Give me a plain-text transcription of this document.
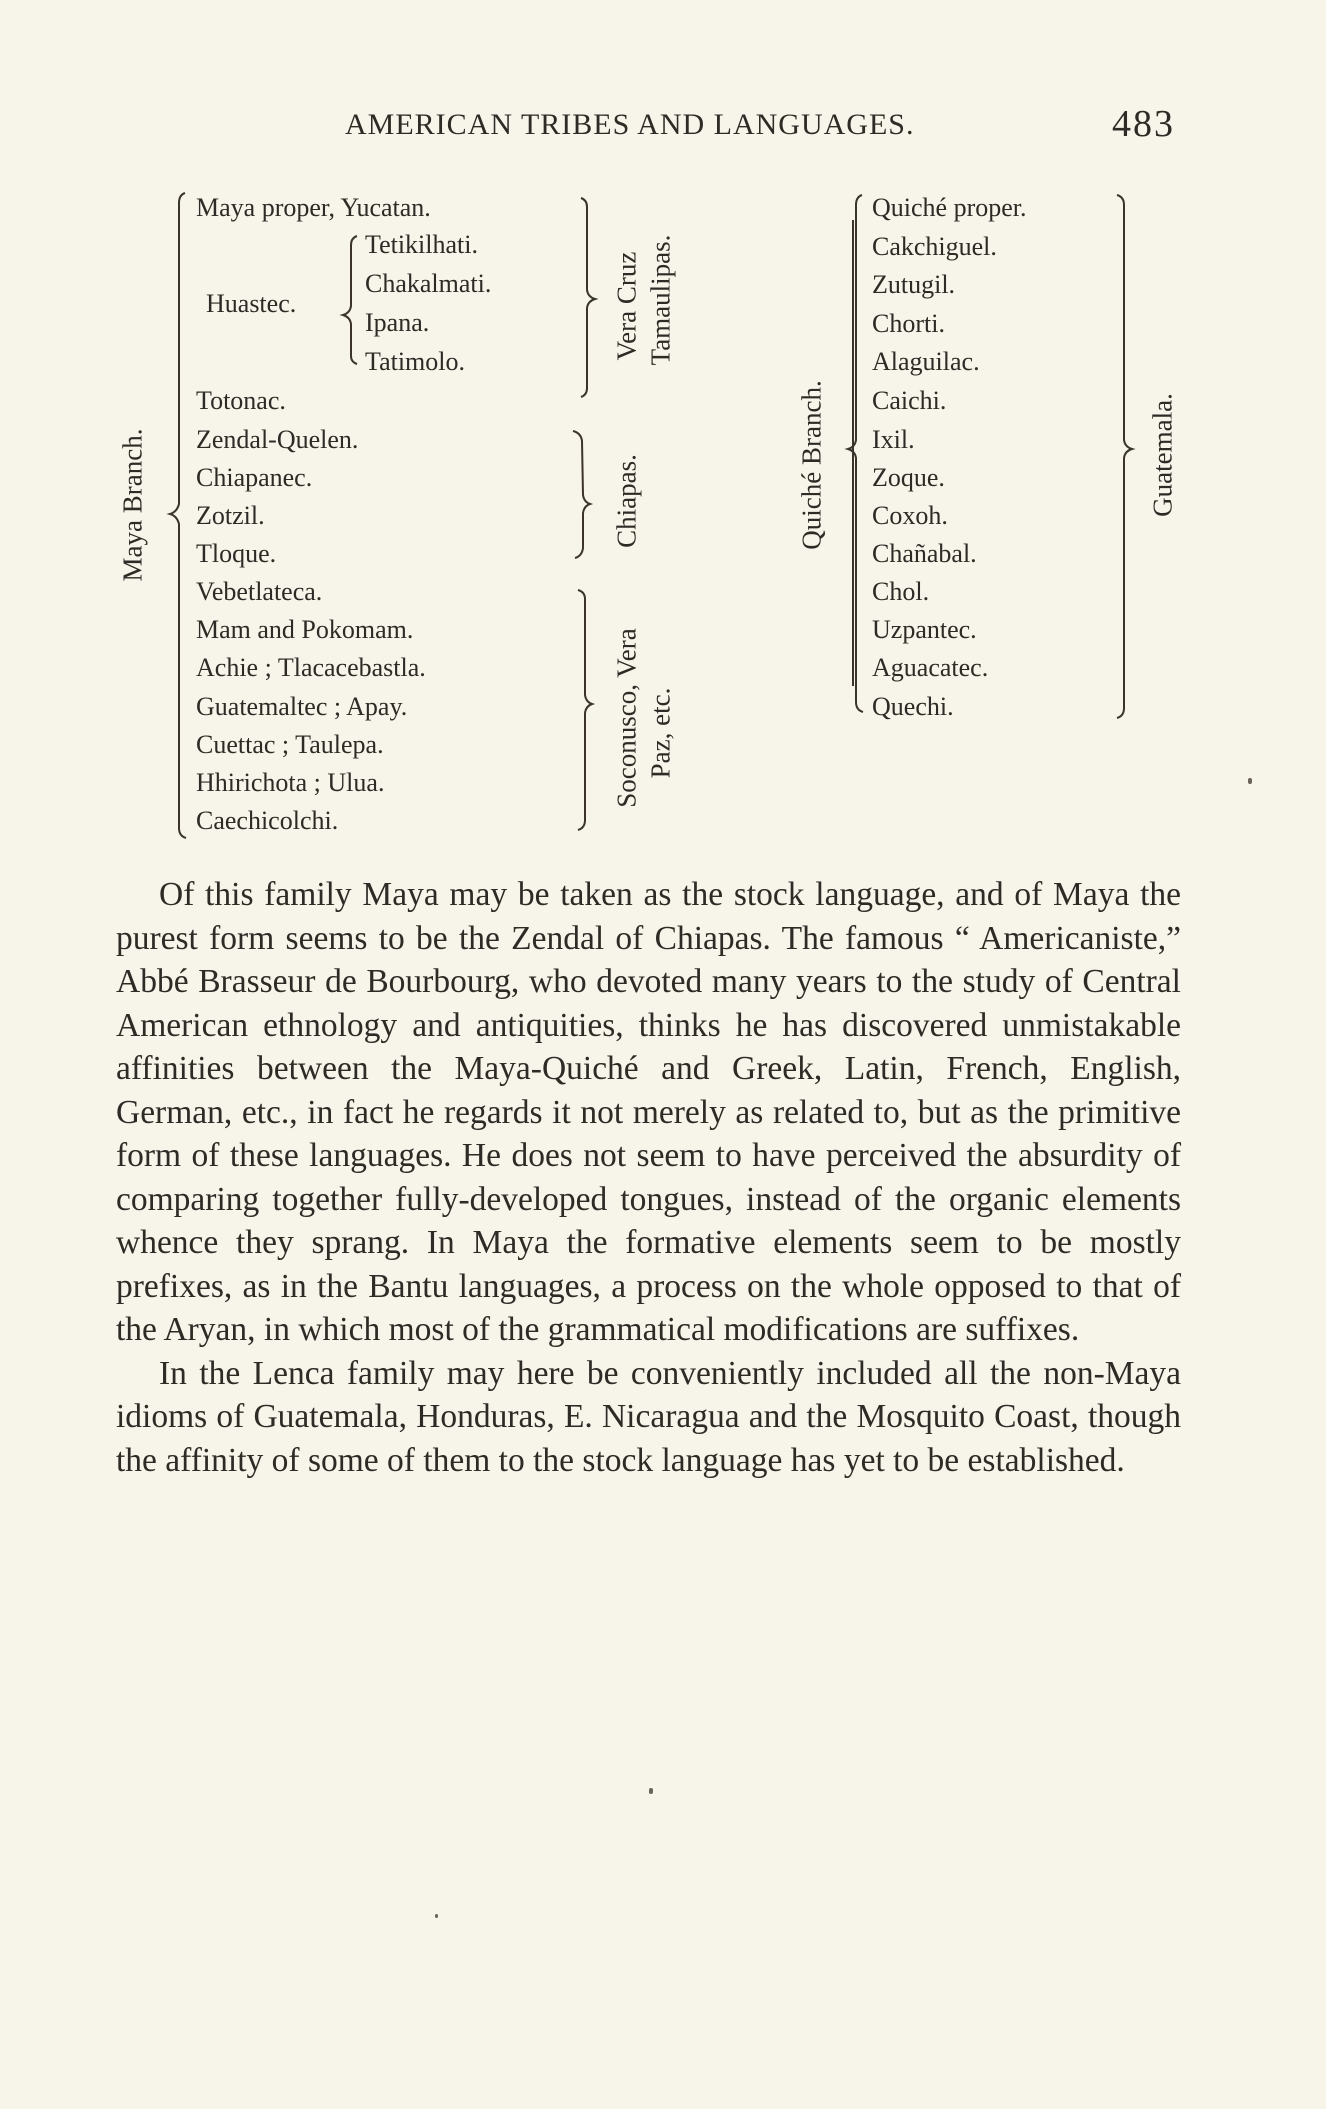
AMERICAN TRIBES AND LANGUAGES.	483
Maya Branch.
Maya proper, Yucatan.
Huastec.
Tetikilhati.
Chakalmati.
Ipana.
Tatimolo.
Totonac.
Zendal-Quelen.
Chiapanec.
Zotzil.
Tloque.
Vebetlateca.
Mam and Pokomam.
Achie ; Tlacacebastla.
Guatemaltec ; Apay.
Cuettac ; Taulepa.
Hhirichota ; Ulua.
Caechicolchi.
Vera Cruz Tamaulipas.
Chiapas.
Soconusco, Vera Paz, etc.
Quiché Branch.
Quiché proper.
Cakchiguel.
Zutugil.
Chorti.
Alaguilac.
Caichi.
Ixil.
Zoque.
Coxoh.
Chañabal.
Chol.
Uzpantec.
Aguacatec.
Quechi.
Guatemala.

Of this family Maya may be taken as the stock language, and of Maya the purest form seems to be the Zendal of Chiapas. The famous “ Americaniste,” Abbé Brasseur de Bourbourg, who devoted many years to the study of Central American ethnology and antiquities, thinks he has discovered unmistakable affinities between the Maya-Quiché and Greek, Latin, French, English, German, etc., in fact he regards it not merely as related to, but as the primitive form of these languages. He does not seem to have perceived the absurdity of comparing together fully-developed tongues, instead of the organic elements whence they sprang. In Maya the formative elements seem to be mostly prefixes, as in the Bantu languages, a process on the whole opposed to that of the Aryan, in which most of the grammatical modifications are suffixes.

In the Lenca family may here be conveniently included all the non-Maya idioms of Guatemala, Honduras, E. Nicaragua and the Mosquito Coast, though the affinity of some of them to the stock language has yet to be established.
